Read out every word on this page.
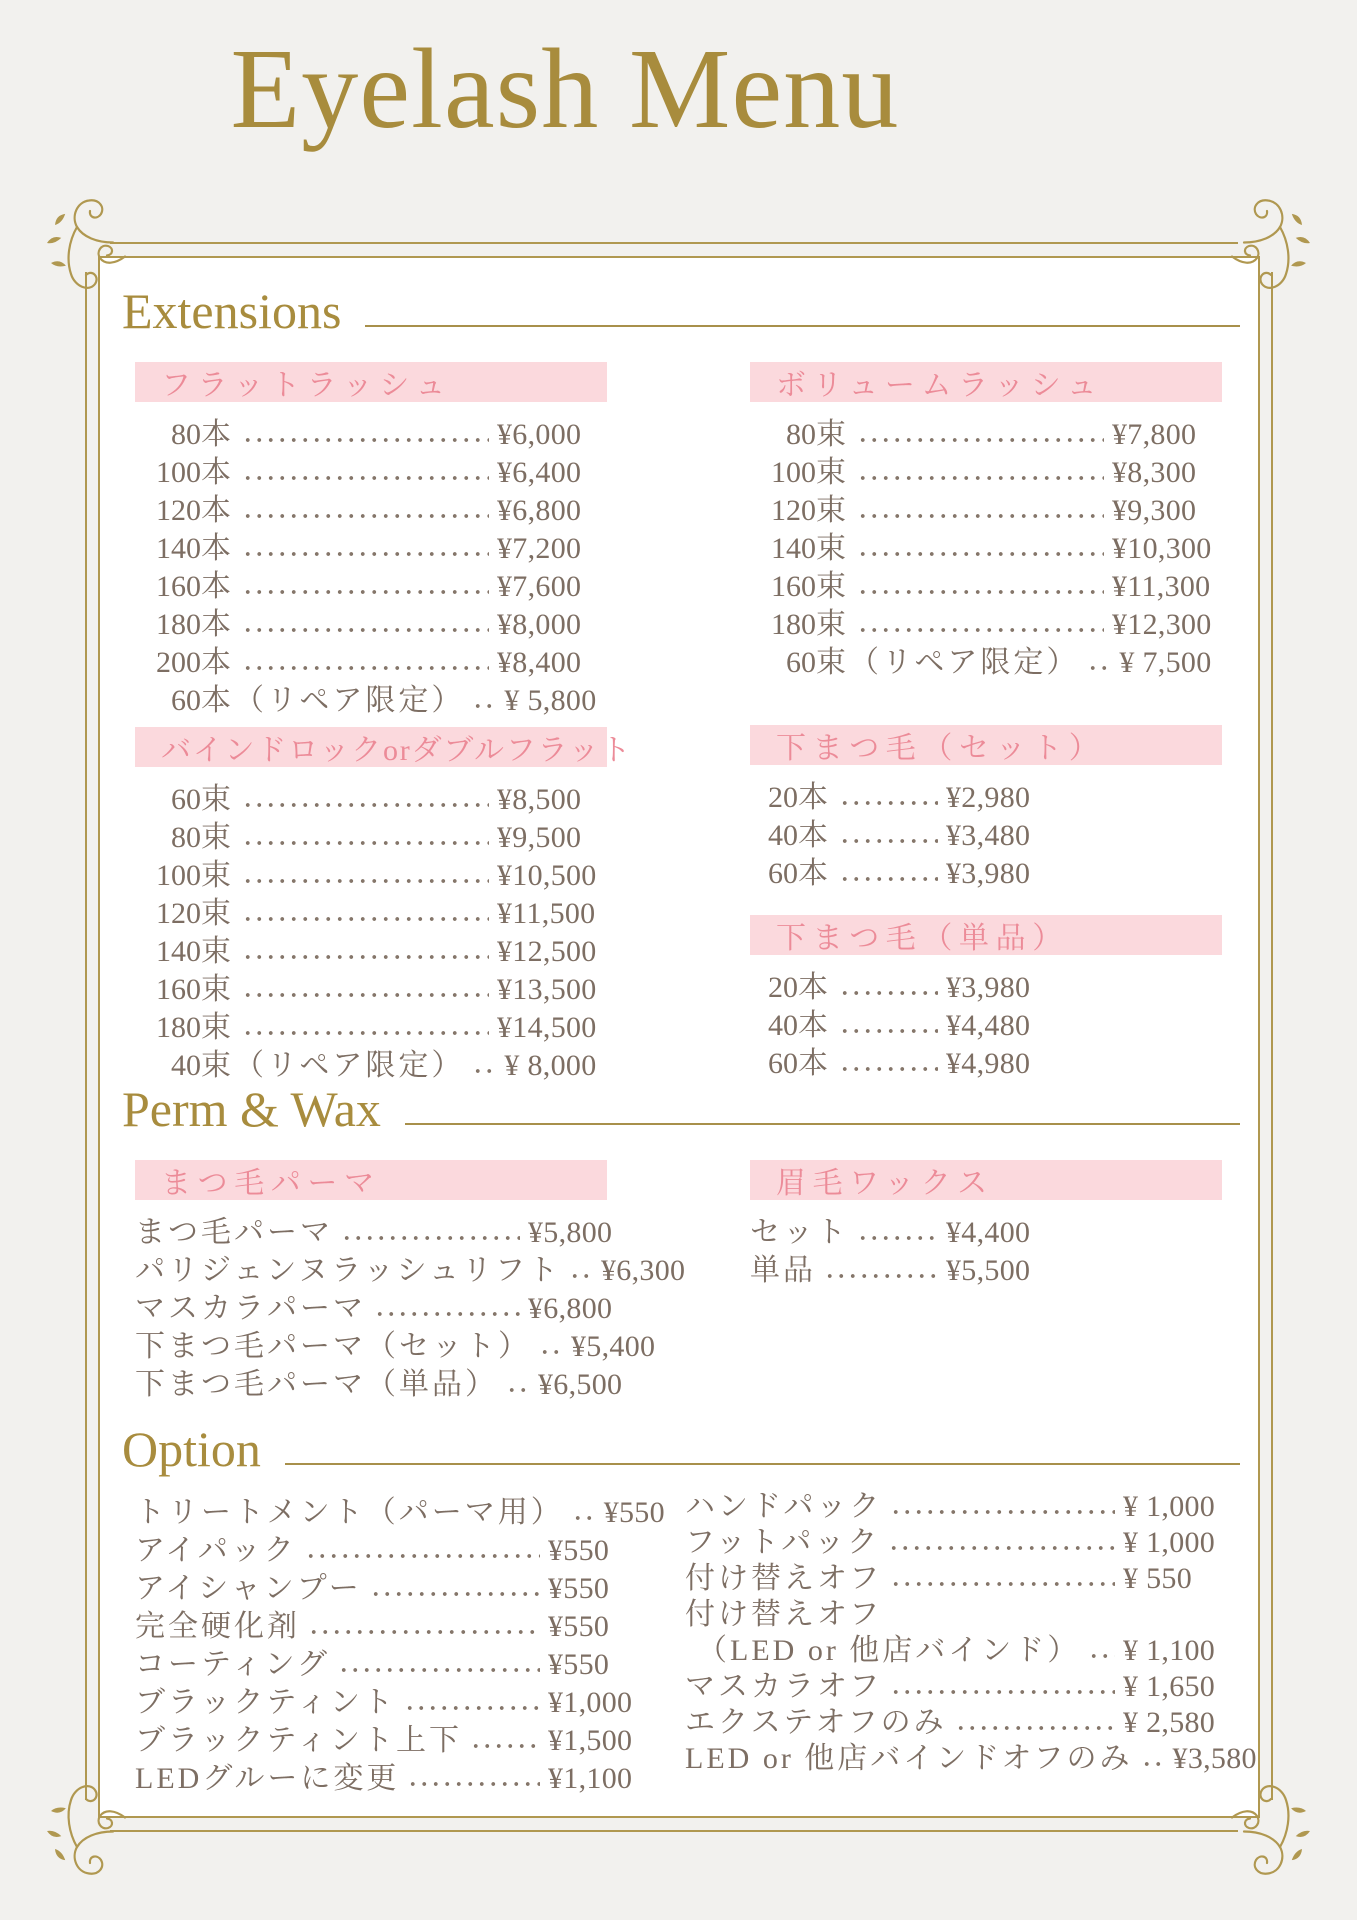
Eyelash Menu
Extensions
Perm & Wax
Option
フラットラッシュ
80本	¥6,000
100本	¥6,400
120本	¥6,800
140本	¥7,200
160本	¥7,600
180本	¥8,000
200本	¥8,400
60本（リペア限定） ¥ 5,800
ボリュームラッシュ
80束	¥7,800
100束	¥8,300
120束	¥9,300
140束	¥10,300
160束	¥11,300
180束	¥12,300
60束（リペア限定） ¥ 7,500
バインドロックorダブルフラット
60束	¥8,500
80束	¥9,500
100束	¥10,500
120束	¥11,500
140束	¥12,500
160束	¥13,500
180束	¥14,500
40束（リペア限定） ¥ 8,000
下まつ毛（セット）
20本	¥2,980
40本	¥3,480
60本	¥3,980
下まつ毛（単品）
20本	¥3,980
40本	¥4,480
60本	¥4,980
まつ毛パーマ
まつ毛パーマ	¥5,800
パリジェンヌラッシュリフト ¥6,300
マスカラパーマ	¥6,800
下まつ毛パーマ（セット） ¥5,400
下まつ毛パーマ（単品） ¥6,500
眉毛ワックス
セット	¥4,400
単品	¥5,500
トリートメント（パーマ用） ¥550
アイパック	¥550
アイシャンプー	¥550
完全硬化剤	¥550
コーティング	¥550
ブラックティント	¥1,000
ブラックティント上下	¥1,500
LEDグルーに変更	¥1,100
ハンドパック	¥ 1,000
フットパック	¥ 1,000
付け替えオフ	¥ 550
付け替えオフ
（LED or 他店バインド） ¥ 1,100
マスカラオフ	¥ 1,650
エクステオフのみ	¥ 2,580
LED or 他店バインドオフのみ ¥3,580
